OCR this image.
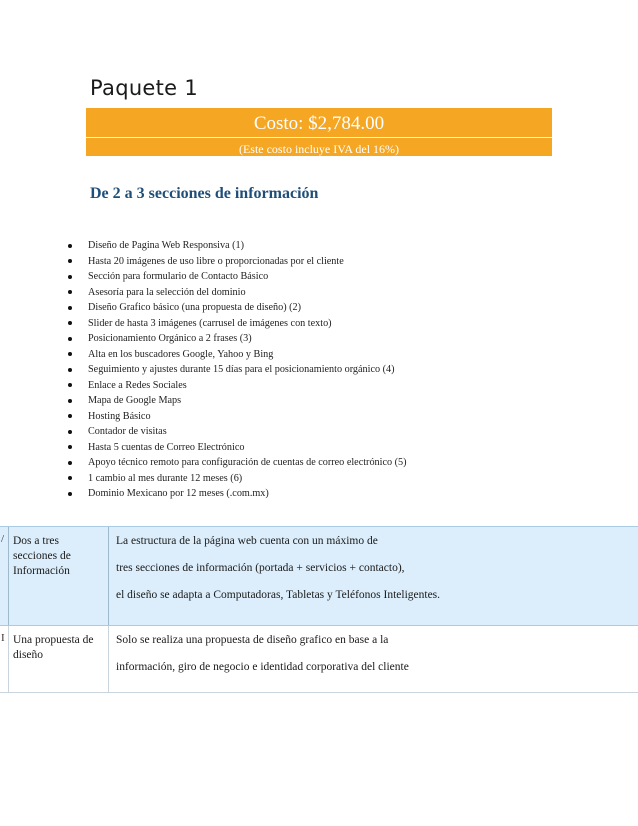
Paquete 1
Costo: $2,784.00
(Este costo incluye IVA del 16%)
De 2 a 3 secciones de información
Diseño de Pagina Web Responsiva (1)
Hasta 20 imágenes de uso libre o proporcionadas por el cliente
Sección para formulario de Contacto Básico
Asesoría para la selección del dominio
Diseño Grafico básico (una propuesta de diseño) (2)
Slider de hasta 3 imágenes (carrusel de imágenes con texto)
Posicionamiento Orgánico a 2 frases (3)
Alta en los buscadores Google, Yahoo y Bing
Seguimiento y ajustes durante 15 días para el posicionamiento orgánico (4)
Enlace a Redes Sociales
Mapa de Google Maps
Hosting Básico
Contador de visitas
Hasta 5 cuentas de Correo Electrónico
Apoyo técnico remoto para configuración de cuentas de correo electrónico (5)
1 cambio al mes durante 12 meses (6)
Dominio Mexicano por 12 meses (.com.mx)
/ Dos a tres secciones de Información

La estructura de la página web cuenta con un máximo de

tres secciones de información (portada + servicios + contacto),

el diseño se adapta a Computadoras, Tabletas y Teléfonos Inteligentes.

I Una propuesta de diseño

Solo se realiza una propuesta de diseño grafico en base a la

información, giro de negocio e identidad corporativa del cliente
